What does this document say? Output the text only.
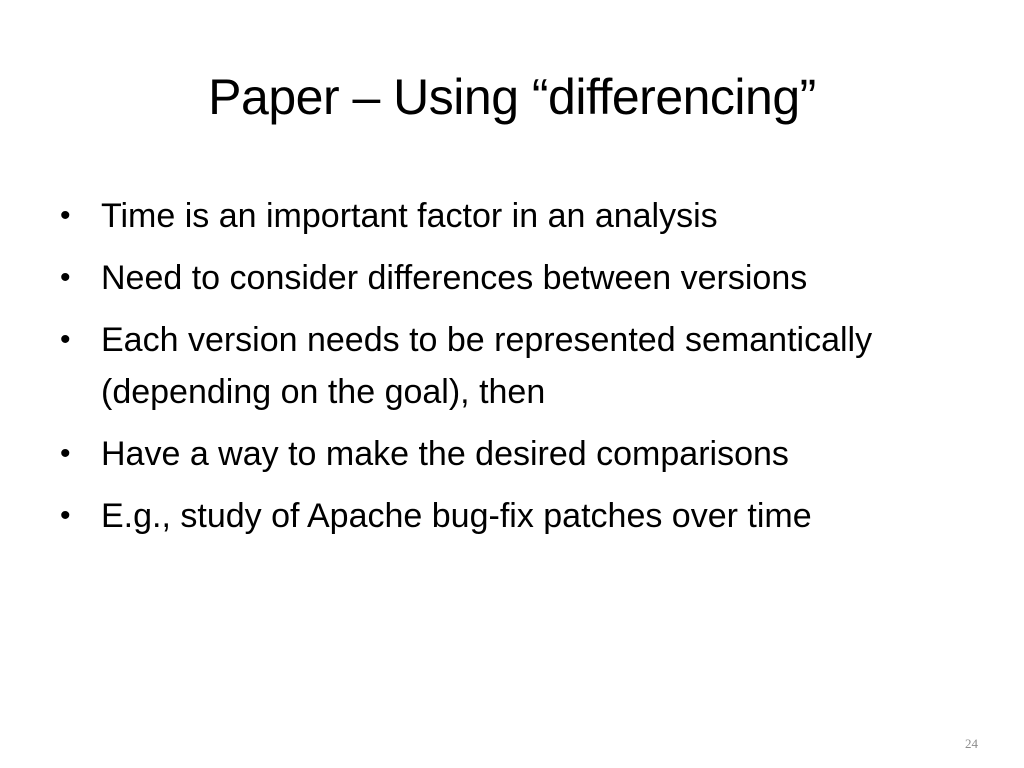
Paper – Using “differencing”
• Time is an important factor in an analysis
• Need to consider differences between versions
• Each version needs to be represented semantically (depending on the goal), then
• Have a way to make the desired comparisons
• E.g., study of Apache bug-fix patches over time
24
